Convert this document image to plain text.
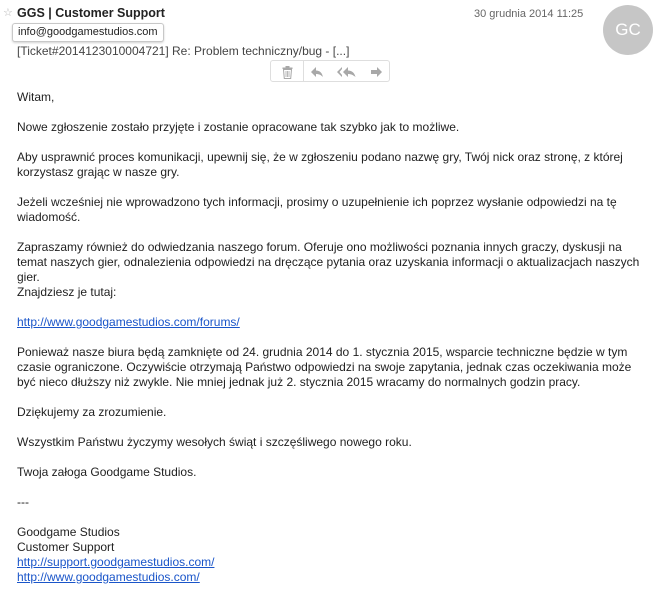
☆ GGS | Customer Support	30 grudnia 2014 11:25
GC
[Ticket#2014123010004721] Re: Problem techniczny/bug - [...]
info@goodgamestudios.com

Witam,

Nowe zgłoszenie zostało przyjęte i zostanie opracowane tak szybko jak to możliwe.

Aby usprawnić proces komunikacji, upewnij się, że w zgłoszeniu podano nazwę gry, Twój nick oraz stronę, z której korzystasz grając w nasze gry.

Jeżeli wcześniej nie wprowadzono tych informacji, prosimy o uzupełnienie ich poprzez wysłanie odpowiedzi na tę wiadomość.

Zapraszamy również do odwiedzania naszego forum. Oferuje ono możliwości poznania innych graczy, dyskusji na temat naszych gier, odnalezienia odpowiedzi na dręczące pytania oraz uzyskania informacji o aktualizacjach naszych gier.

Znajdziesz je tutaj:

http://www.goodgamestudios.com/forums/

Ponieważ nasze biura będą zamknięte od 24. grudnia 2014 do 1. stycznia 2015, wsparcie techniczne będzie w tym czasie ograniczone. Oczywiście otrzymają Państwo odpowiedzi na swoje zapytania, jednak czas oczekiwania może być nieco dłuższy niż zwykle. Nie mniej jednak już 2. stycznia 2015 wracamy do normalnych godzin pracy.

Dziękujemy za zrozumienie.

Wszystkim Państwu życzymy wesołych świąt i szczęśliwego nowego roku.

Twoja załoga Goodgame Studios.

---

Goodgame Studios

Customer Support

http://support.goodgamestudios.com/

http://www.goodgamestudios.com/
